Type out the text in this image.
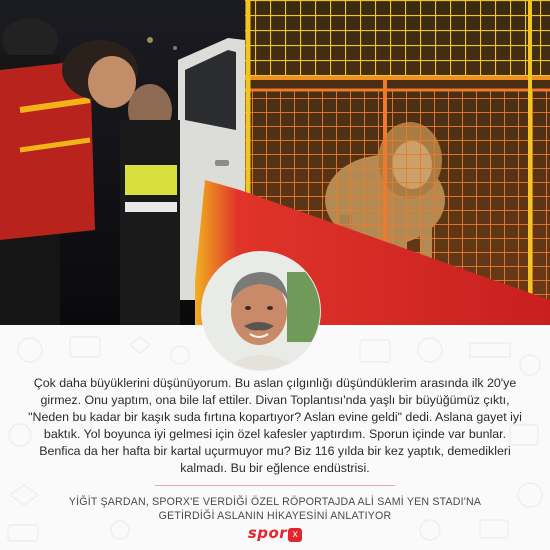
Çok daha büyüklerini düşünüyorum. Bu aslan çılgınlığı düşündüklerim arasında ilk 20'ye girmez. Onu yaptım, ona bile laf ettiler. Divan Toplantısı'nda yaşlı bir büyüğümüz çıktı, "Neden bu kadar bir kaşık suda fırtına kopartıyor? Aslan evine geldi" dedi. Aslana gayet iyi baktık. Yol boyunca iyi gelmesi için özel kafesler yaptırdım. Sporun içinde var bunlar. Benfica da her hafta bir kartal uçurmuyor mu? Biz 116 yılda bir kez yaptık, demedikleri kalmadı. Bu bir eğlence endüstrisi.

YİĞİT ŞARDAN, SPORX'E VERDİĞİ ÖZEL RÖPORTAJDA ALİ SAMİ YEN STADI'NA
GETİRDİĞİ ASLANIN HİKAYESİNİ ANLATIYOR

spor x
